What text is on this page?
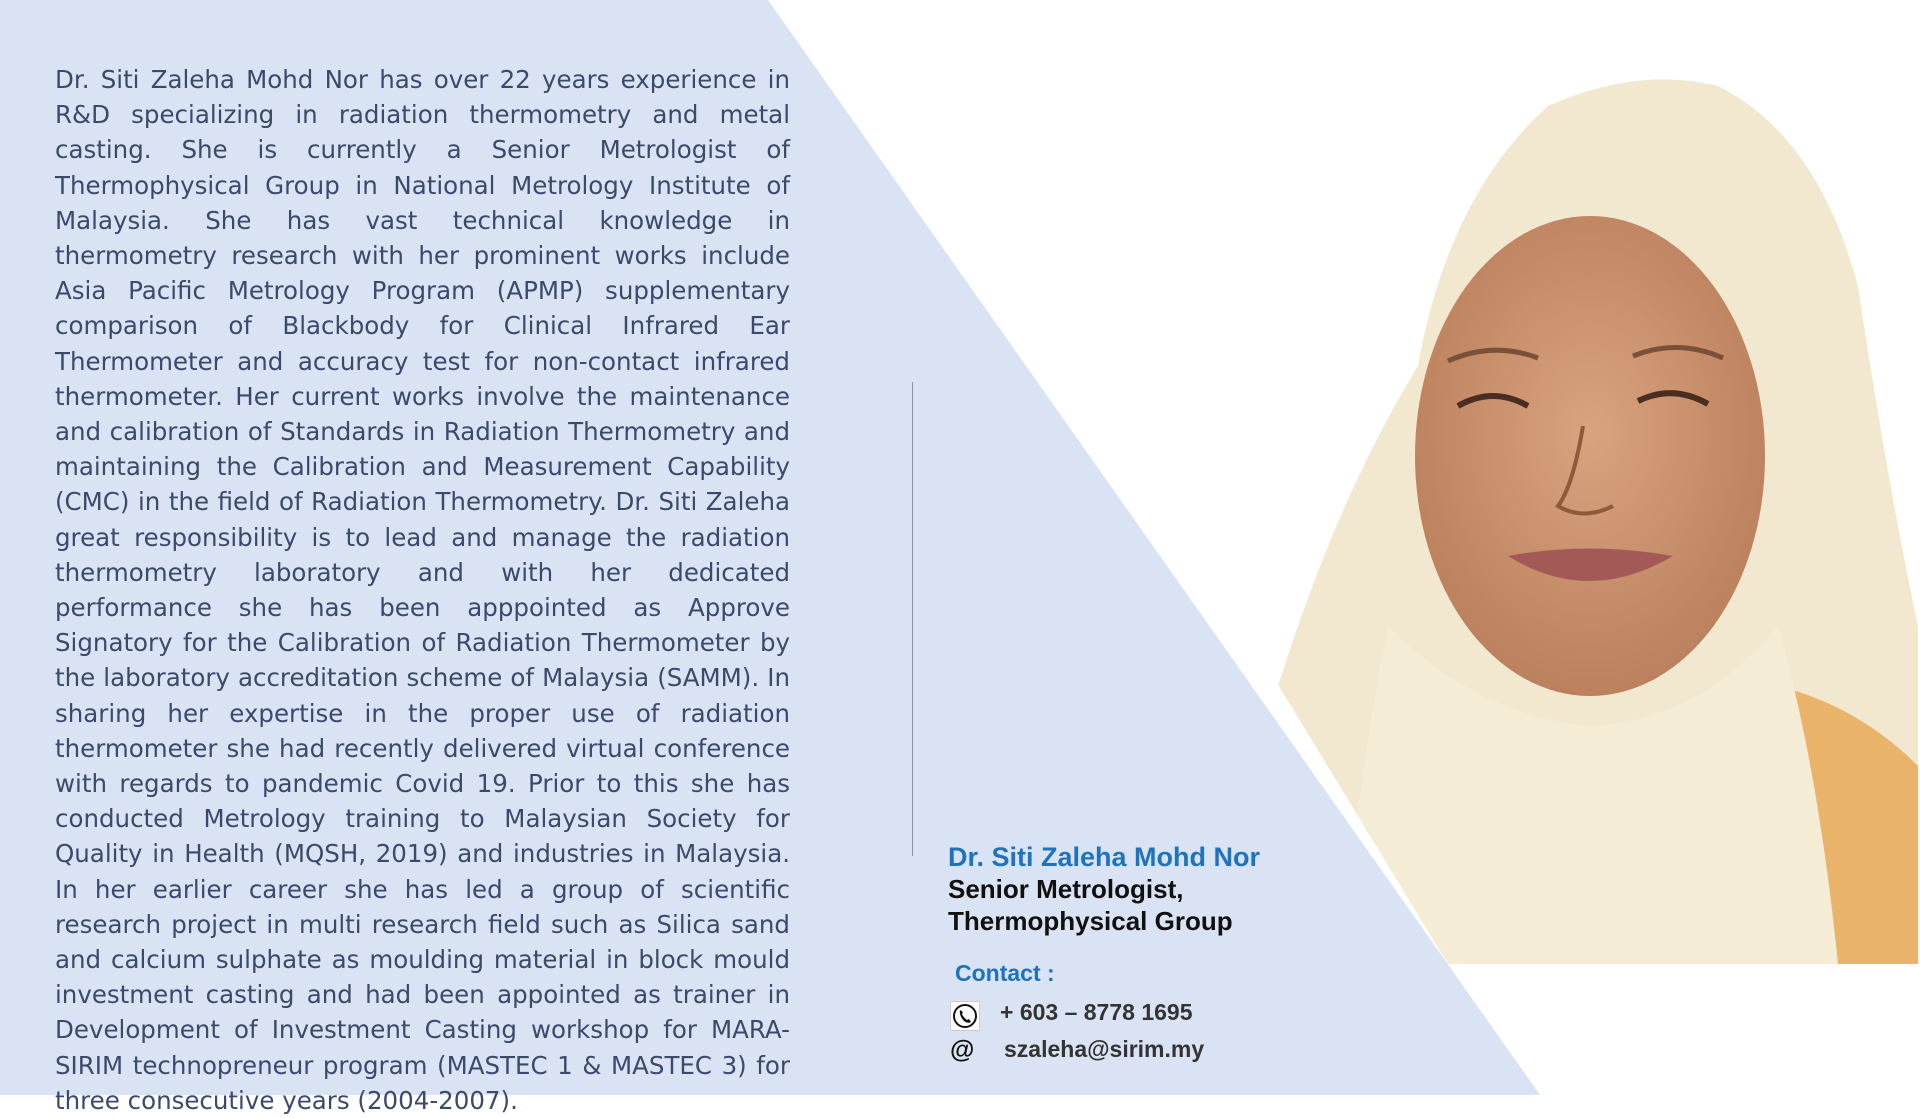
Dr. Siti Zaleha Mohd Nor has over 22 years experience in R&D specializing in radiation thermometry and metal casting. She is currently a Senior Metrologist of Thermophysical Group in National Metrology Institute of Malaysia. She has vast technical knowledge in thermometry research with her prominent works include Asia Pacific Metrology Program (APMP) supplementary comparison of Blackbody for Clinical Infrared Ear Thermometer and accuracy test for non-contact infrared thermometer. Her current works involve the maintenance and calibration of Standards in Radiation Thermometry and maintaining the Calibration and Measurement Capability (CMC) in the field of Radiation Thermometry. Dr. Siti Zaleha great responsibility is to lead and manage the radiation thermometry laboratory and with her dedicated performance she has been apppointed as Approve Signatory for the Calibration of Radiation Thermometer by the laboratory accreditation scheme of Malaysia (SAMM). In sharing her expertise in the proper use of radiation thermometer she had recently delivered virtual conference with regards to pandemic Covid 19. Prior to this she has conducted Metrology training to Malaysian Society for Quality in Health (MQSH, 2019) and industries in Malaysia. In her earlier career she has led a group of scientific research project in multi research field such as Silica sand and calcium sulphate as moulding material in block mould investment casting and had been appointed as trainer in Development of Investment Casting workshop for MARA-SIRIM technopreneur program (MASTEC 1 & MASTEC 3) for three consecutive years (2004-2007).

Dr. Siti Zaleha Mohd Nor
Senior Metrologist,
Thermophysical Group
Contact :
+ 603 – 8778 1695
@ szaleha@sirim.my
